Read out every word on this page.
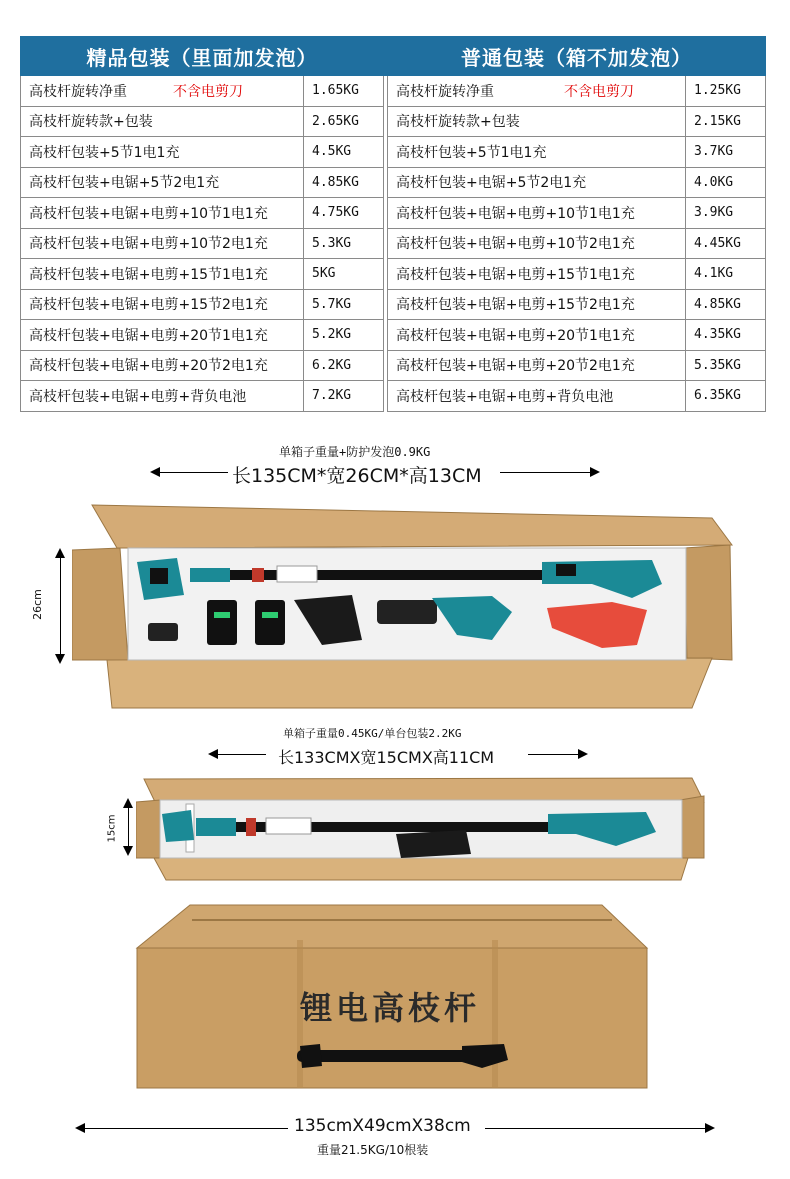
精品包装（里面加发泡）			普通包装（箱不加发泡）	
高枝杆旋转净重 不含电剪刀	1.65KG		高枝杆旋转净重 不含电剪刀	1.25KG
高枝杆旋转款+包装	2.65KG		高枝杆旋转款+包装	2.15KG
高枝杆包装+5节1电1充	4.5KG		高枝杆包装+5节1电1充	3.7KG
高枝杆包装+电锯+5节2电1充	4.85KG		高枝杆包装+电锯+5节2电1充	4.0KG
高枝杆包装+电锯+电剪+10节1电1充	4.75KG		高枝杆包装+电锯+电剪+10节1电1充	3.9KG
高枝杆包装+电锯+电剪+10节2电1充	5.3KG		高枝杆包装+电锯+电剪+10节2电1充	4.45KG
高枝杆包装+电锯+电剪+15节1电1充	5KG		高枝杆包装+电锯+电剪+15节1电1充	4.1KG
高枝杆包装+电锯+电剪+15节2电1充	5.7KG		高枝杆包装+电锯+电剪+15节2电1充	4.85KG
高枝杆包装+电锯+电剪+20节1电1充	5.2KG		高枝杆包装+电锯+电剪+20节1电1充	4.35KG
高枝杆包装+电锯+电剪+20节2电1充	6.2KG		高枝杆包装+电锯+电剪+20节2电1充	5.35KG
高枝杆包装+电锯+电剪+背负电池	7.2KG		高枝杆包装+电锯+电剪+背负电池	6.35KG
单箱子重量+防护发泡0.9KG
长135CM*宽26CM*高13CM
26cm
单箱子重量0.45KG/单台包装2.2KG
长133CMX宽15CMX高11CM
15cm
锂电高枝杆
135cmX49cmX38cm
重量21.5KG/10根装
